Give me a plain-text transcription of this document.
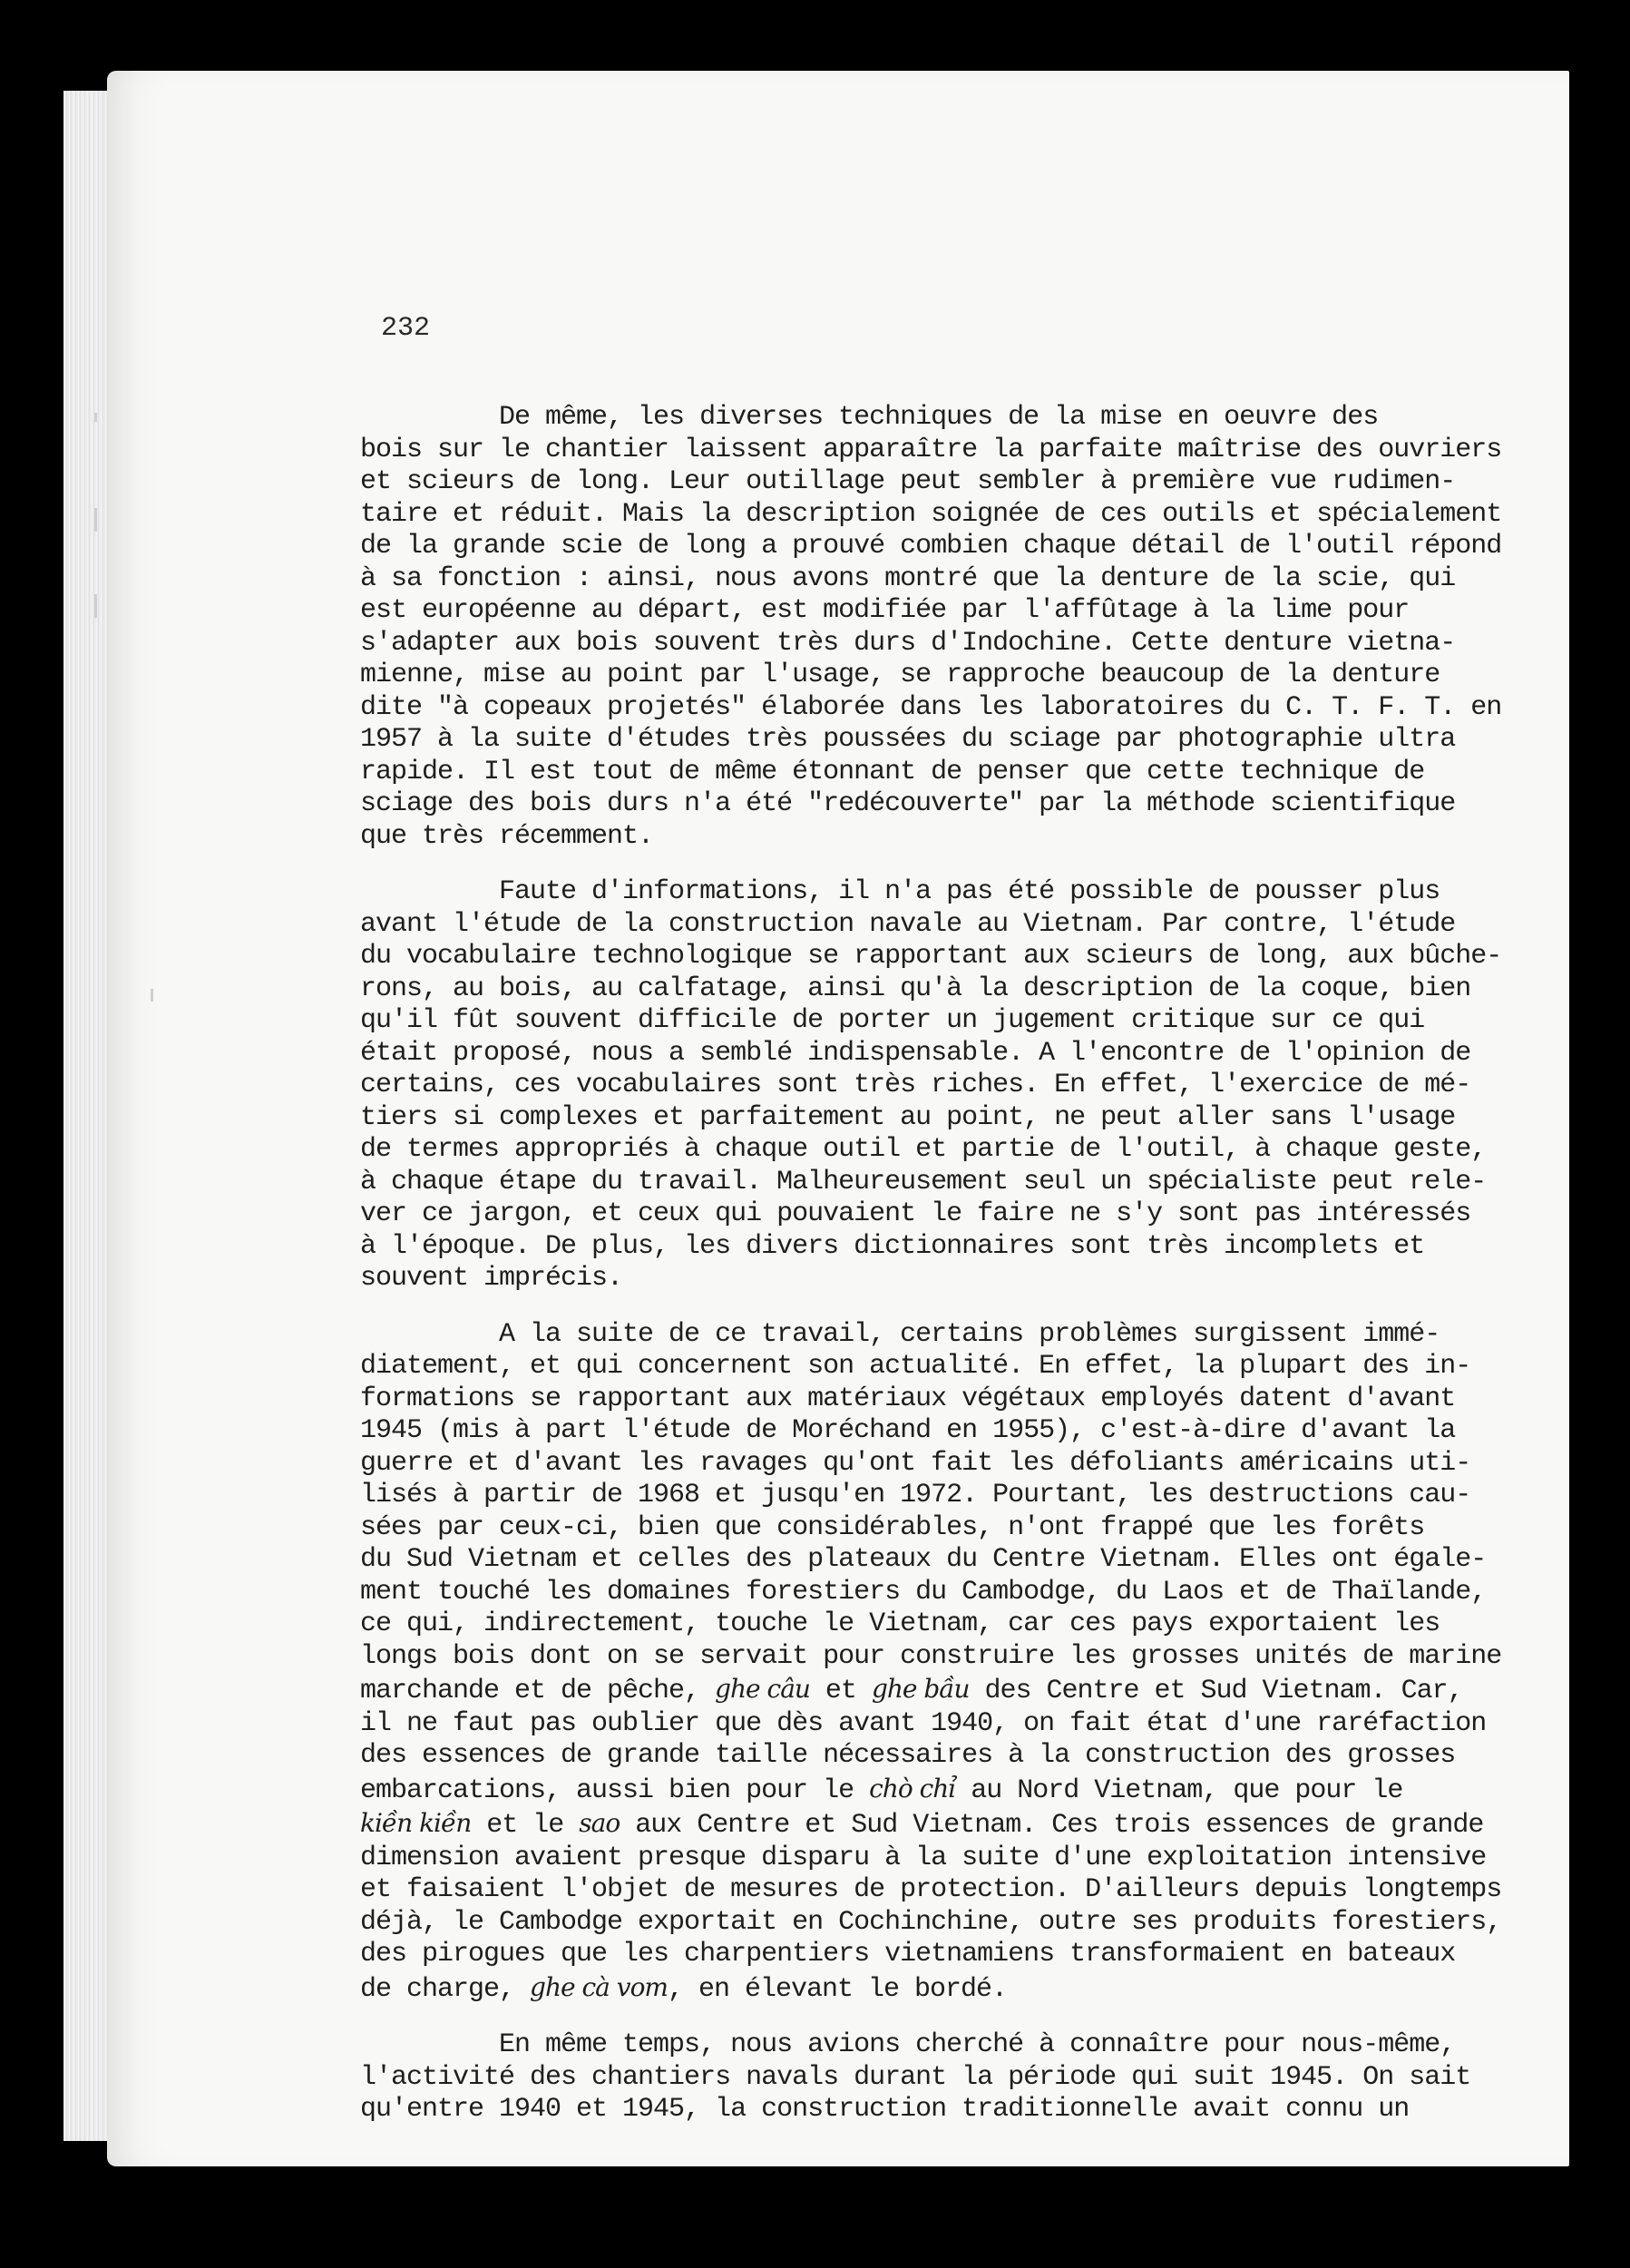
232

De même, les diverses techniques de la mise en oeuvre des
bois sur le chantier laissent apparaître la parfaite maîtrise des ouvriers
et scieurs de long. Leur outillage peut sembler à première vue rudimen-
taire et réduit. Mais la description soignée de ces outils et spécialement
de la grande scie de long a prouvé combien chaque détail de l'outil répond
à sa fonction : ainsi, nous avons montré que la denture de la scie, qui
est européenne au départ, est modifiée par l'affûtage à la lime pour
s'adapter aux bois souvent très durs d'Indochine. Cette denture vietna-
mienne, mise au point par l'usage, se rapproche beaucoup de la denture
dite "à copeaux projetés" élaborée dans les laboratoires du C. T. F. T. en
1957 à la suite d'études très poussées du sciage par photographie ultra
rapide. Il est tout de même étonnant de penser que cette technique de
sciage des bois durs n'a été "redécouverte" par la méthode scientifique
que très récemment.

Faute d'informations, il n'a pas été possible de pousser plus
avant l'étude de la construction navale au Vietnam. Par contre, l'étude
du vocabulaire technologique se rapportant aux scieurs de long, aux bûche-
rons, au bois, au calfatage, ainsi qu'à la description de la coque, bien
qu'il fût souvent difficile de porter un jugement critique sur ce qui
était proposé, nous a semblé indispensable. A l'encontre de l'opinion de
certains, ces vocabulaires sont très riches. En effet, l'exercice de mé-
tiers si complexes et parfaitement au point, ne peut aller sans l'usage
de termes appropriés à chaque outil et partie de l'outil, à chaque geste,
à chaque étape du travail. Malheureusement seul un spécialiste peut rele-
ver ce jargon, et ceux qui pouvaient le faire ne s'y sont pas intéressés
à l'époque. De plus, les divers dictionnaires sont très incomplets et
souvent imprécis.

A la suite de ce travail, certains problèmes surgissent immé-
diatement, et qui concernent son actualité. En effet, la plupart des in-
formations se rapportant aux matériaux végétaux employés datent d'avant
1945 (mis à part l'étude de Moréchand en 1955), c'est-à-dire d'avant la
guerre et d'avant les ravages qu'ont fait les défoliants américains uti-
lisés à partir de 1968 et jusqu'en 1972. Pourtant, les destructions cau-
sées par ceux-ci, bien que considérables, n'ont frappé que les forêts
du Sud Vietnam et celles des plateaux du Centre Vietnam. Elles ont égale-
ment touché les domaines forestiers du Cambodge, du Laos et de Thaïlande,
ce qui, indirectement, touche le Vietnam, car ces pays exportaient les
longs bois dont on se servait pour construire les grosses unités de marine
marchande et de pêche, ghe câu et ghe bầu des Centre et Sud Vietnam. Car,
il ne faut pas oublier que dès avant 1940, on fait état d'une raréfaction
des essences de grande taille nécessaires à la construction des grosses
embarcations, aussi bien pour le chò chỉ au Nord Vietnam, que pour le
kiền kiền et le sao aux Centre et Sud Vietnam. Ces trois essences de grande
dimension avaient presque disparu à la suite d'une exploitation intensive
et faisaient l'objet de mesures de protection. D'ailleurs depuis longtemps
déjà, le Cambodge exportait en Cochinchine, outre ses produits forestiers,
des pirogues que les charpentiers vietnamiens transformaient en bateaux
de charge, ghe cà vom, en élevant le bordé.

En même temps, nous avions cherché à connaître pour nous-même,
l'activité des chantiers navals durant la période qui suit 1945. On sait
qu'entre 1940 et 1945, la construction traditionnelle avait connu un
